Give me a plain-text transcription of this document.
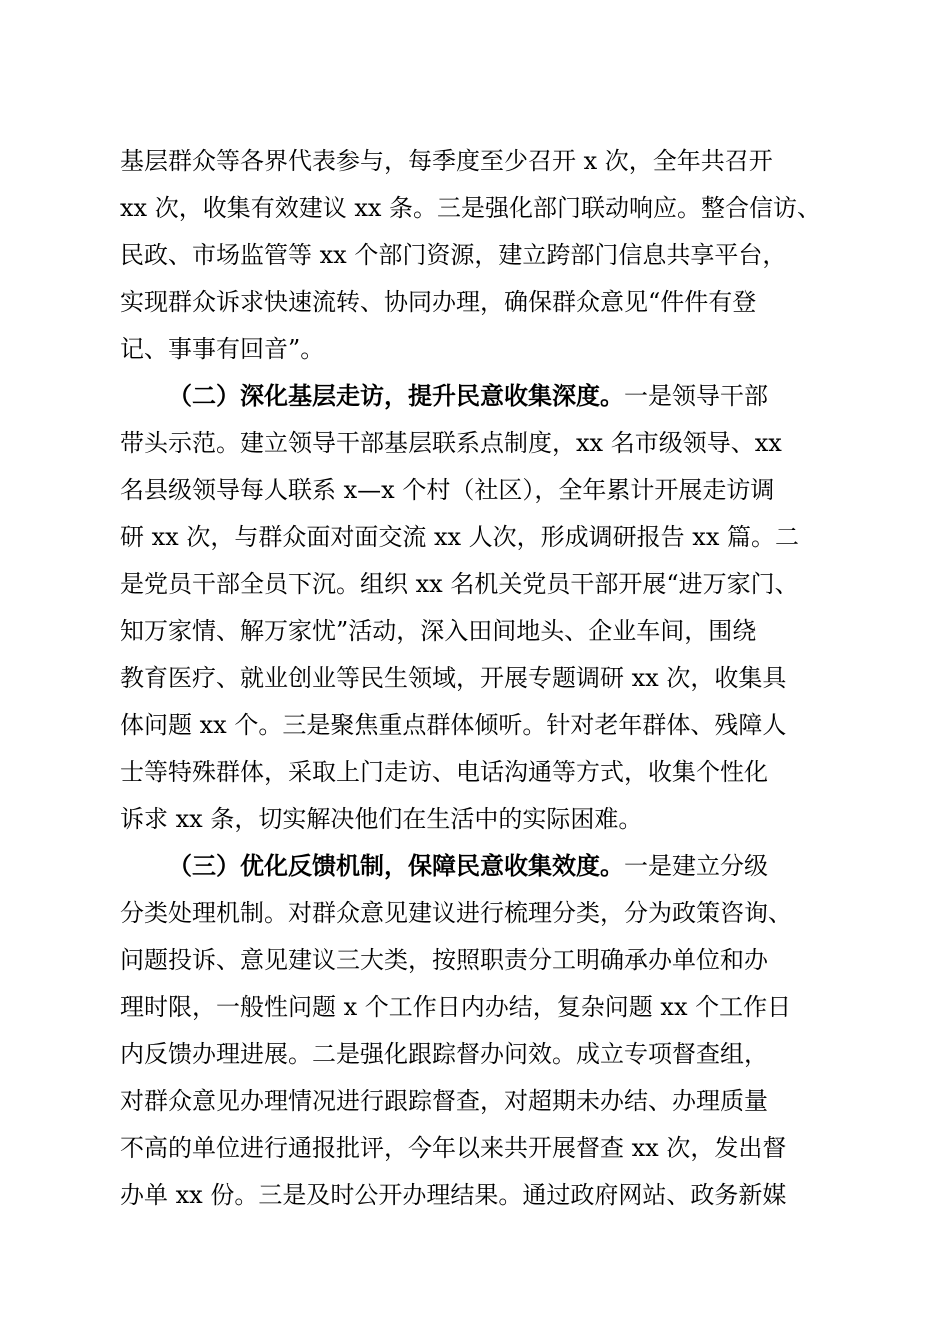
基层群众等各界代表参与，每季度至少召开 x 次，全年共召开

xx 次，收集有效建议 xx 条。三是强化部门联动响应。整合信访、

民政、市场监管等 xx 个部门资源，建立跨部门信息共享平台，

实现群众诉求快速流转、协同办理，确保群众意见“件件有登

记、事事有回音”。

（二）深化基层走访，提升民意收集深度。一是领导干部

带头示范。建立领导干部基层联系点制度，xx 名市级领导、xx

名县级领导每人联系 x—x 个村（社区），全年累计开展走访调

研 xx 次，与群众面对面交流 xx 人次，形成调研报告 xx 篇。二

是党员干部全员下沉。组织 xx 名机关党员干部开展“进万家门、

知万家情、解万家忧”活动，深入田间地头、企业车间，围绕

教育医疗、就业创业等民生领域，开展专题调研 xx 次，收集具

体问题 xx 个。三是聚焦重点群体倾听。针对老年群体、残障人

士等特殊群体，采取上门走访、电话沟通等方式，收集个性化

诉求 xx 条，切实解决他们在生活中的实际困难。

（三）优化反馈机制，保障民意收集效度。一是建立分级

分类处理机制。对群众意见建议进行梳理分类，分为政策咨询、

问题投诉、意见建议三大类，按照职责分工明确承办单位和办

理时限，一般性问题 x 个工作日内办结，复杂问题 xx 个工作日

内反馈办理进展。二是强化跟踪督办问效。成立专项督查组，

对群众意见办理情况进行跟踪督查，对超期未办结、办理质量

不高的单位进行通报批评，今年以来共开展督查 xx 次，发出督

办单 xx 份。三是及时公开办理结果。通过政府网站、政务新媒
